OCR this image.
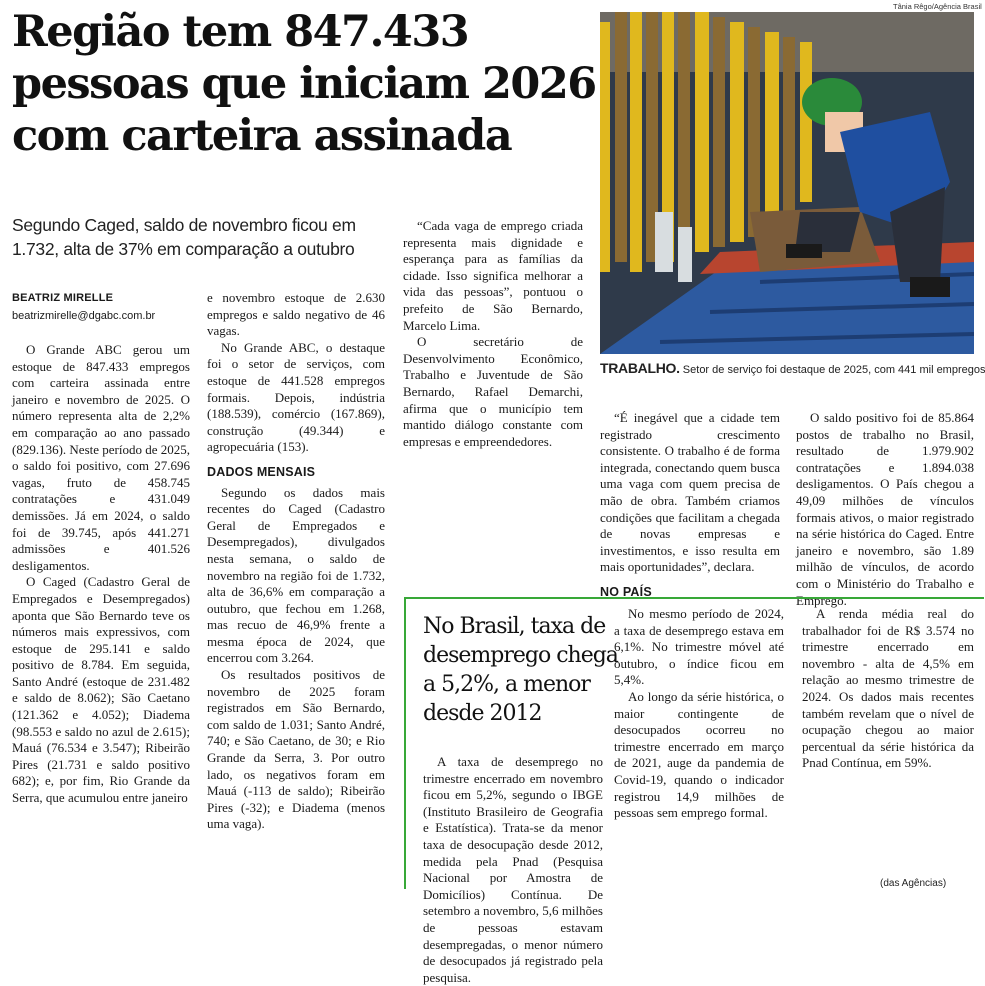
Região tem 847.433
pessoas que iniciam 2026
com carteira assinada
Segundo Caged, saldo de novembro ficou em
1.732, alta de 37% em comparação a outubro
BEATRIZ MIRELLE
beatrizmirelle@dgabc.com.br
Tânia Rêgo/Agência Brasil
TRABALHO. Setor de serviço foi destaque de 2025, com 441 mil empregos

O Grande ABC gerou um estoque de 847.433 empregos com carteira assinada entre janeiro e novembro de 2025. O número representa alta de 2,2% em comparação ao ano passado (829.136). Neste período de 2025, o saldo foi positivo, com 27.696 vagas, fruto de 458.745 contratações e 431.049 demissões. Já em 2024, o saldo foi de 39.745, após 441.271 admissões e 401.526 desligamentos.

O Caged (Cadastro Geral de Empregados e Desempregados) aponta que São Bernardo teve os números mais expressivos, com estoque de 295.141 e saldo positivo de 8.784. Em seguida, Santo André (estoque de 231.482 e saldo de 8.062); São Caetano (121.362 e 4.052); Diadema (98.553 e saldo no azul de 2.615); Mauá (76.534 e 3.547); Ribeirão Pires (21.731 e saldo positivo 682); e, por fim, Rio Grande da Serra, que acumulou entre janeiro

e novembro estoque de 2.630 empregos e saldo negativo de 46 vagas.

No Grande ABC, o destaque foi o setor de serviços, com estoque de 441.528 empregos formais. Depois, indústria (188.539), comércio (167.869), construção (49.344) e agropecuária (153).

DADOS MENSAIS

Segundo os dados mais recentes do Caged (Cadastro Geral de Empregados e Desempregados), divulgados nesta semana, o saldo de novembro na região foi de 1.732, alta de 36,6% em comparação a outubro, que fechou em 1.268, mas recuo de 46,9% frente a mesma época de 2024, que encerrou com 3.264.

Os resultados positivos de novembro de 2025 foram registrados em São Bernardo, com saldo de 1.031; Santo André, 740; e São Caetano, de 30; e Rio Grande da Serra, 3. Por outro lado, os negativos foram em Mauá (-113 de saldo); Ribeirão Pires (-32); e Diadema (menos uma vaga).

“Cada vaga de emprego criada representa mais dignidade e esperança para as famílias da cidade. Isso significa melhorar a vida das pessoas”, pontuou o prefeito de São Bernardo, Marcelo Lima.

O secretário de Desenvolvimento Econômico, Trabalho e Juventude de São Bernardo, Rafael Demarchi, afirma que o município tem mantido diálogo constante com empresas e empreendedores.

“É inegável que a cidade tem registrado crescimento consistente. O trabalho é de forma integrada, conectando quem busca uma vaga com quem precisa de mão de obra. Também criamos condições que facilitam a chegada de novas empresas e investimentos, e isso resulta em mais oportunidades”, declara.

NO PAÍS

O saldo positivo foi de 85.864 postos de trabalho no Brasil, resultado de 1.979.902 contratações e 1.894.038 desligamentos. O País chegou a 49,09 milhões de vínculos formais ativos, o maior registrado na série histórica do Caged. Entre janeiro e novembro, são 1.89 milhão de vínculos, de acordo com o Ministério do Trabalho e Emprego.

No Brasil, taxa de
desemprego chega
a 5,2%, a menor
desde 2012

A taxa de desemprego no trimestre encerrado em novembro ficou em 5,2%, segundo o IBGE (Instituto Brasileiro de Geografia e Estatística). Trata-se da menor taxa de desocupação desde 2012, medida pela Pnad (Pesquisa Nacional por Amostra de Domicílios) Contínua. De setembro a novembro, 5,6 milhões de pessoas estavam desempregadas, o menor número de desocupados já registrado pela pesquisa.

No mesmo período de 2024, a taxa de desemprego estava em 6,1%. No trimestre móvel até outubro, o índice ficou em 5,4%.

Ao longo da série histórica, o maior contingente de desocupados ocorreu no trimestre encerrado em março de 2021, auge da pandemia de Covid-19, quando o indicador registrou 14,9 milhões de pessoas sem emprego formal.

A renda média real do trabalhador foi de R$ 3.574 no trimestre encerrado em novembro - alta de 4,5% em relação ao mesmo trimestre de 2024. Os dados mais recentes também revelam que o nível de ocupação chegou ao maior percentual da série histórica da Pnad Contínua, em 59%.

(das Agências)
